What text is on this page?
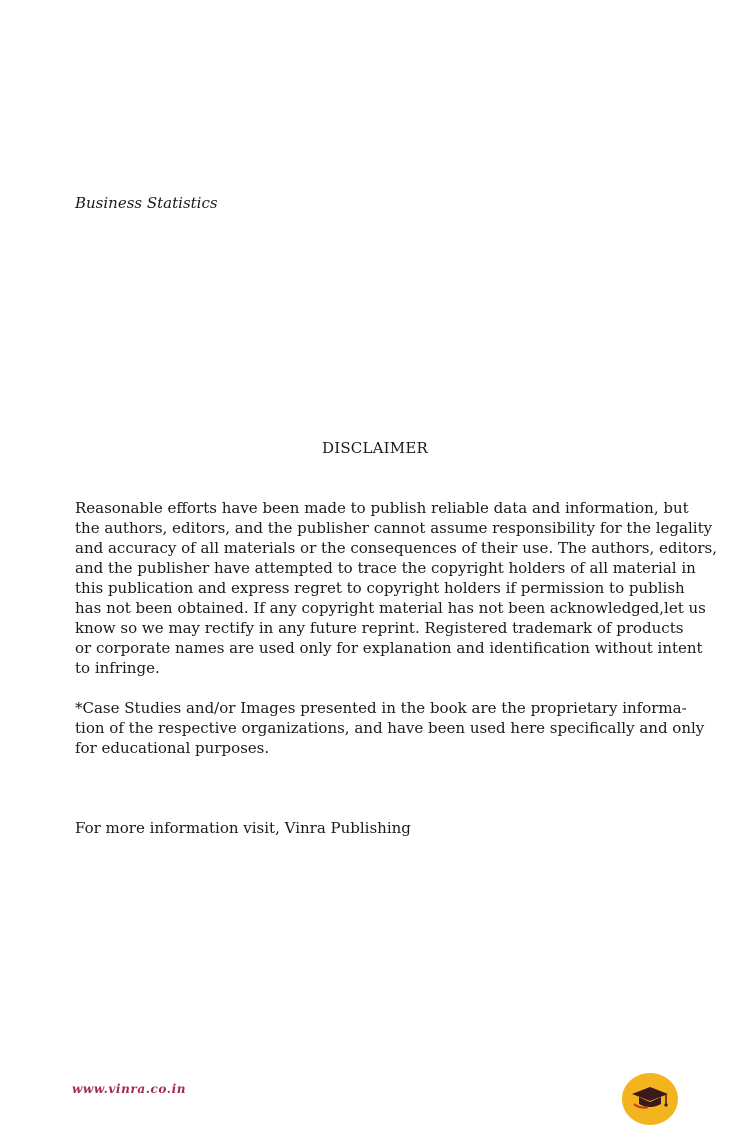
Business Statistics
DISCLAIMER
Reasonable efforts have been made to publish reliable data and information, but
the authors, editors, and the publisher cannot assume responsibility for the legality
and accuracy of all materials or the consequences of their use. The authors, editors,
and the publisher have attempted to trace the copyright holders of all material in
this publication and express regret to copyright holders if permission to publish
has not been obtained. If any copyright material has not been acknowledged,let us
know so we may rectify in any future reprint. Registered trademark of products
or corporate names are used only for explanation and identification without intent
to infringe.
*Case Studies and/or Images presented in the book are the proprietary informa-
tion of the respective organizations, and have been used here specifically and only
for educational purposes.
For more information visit, Vinra Publishing
www.vinra.co.in
